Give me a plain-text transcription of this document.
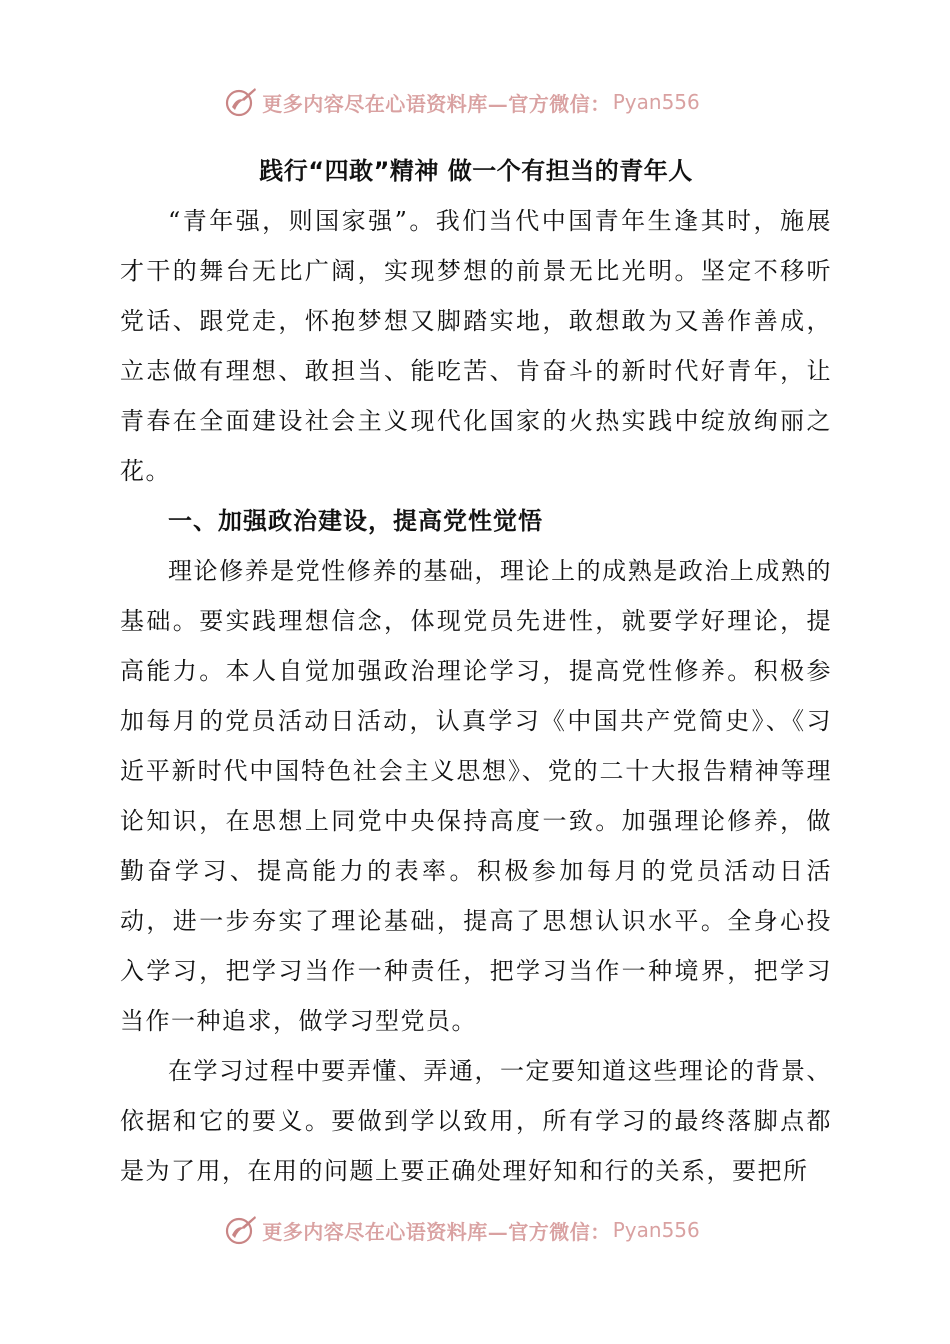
更多内容尽在心语资料库—官方微信： Pyan556
践行“四敢”精神 做一个有担当的青年人

“青年强，则国家强”。我们当代中国青年生逢其时，施展才干的舞台无比广阔，实现梦想的前景无比光明。坚定不移听党话、跟党走，怀抱梦想又脚踏实地，敢想敢为又善作善成，立志做有理想、敢担当、能吃苦、肯奋斗的新时代好青年，让青春在全面建设社会主义现代化国家的火热实践中绽放绚丽之花。

一、加强政治建设，提高党性觉悟

理论修养是党性修养的基础，理论上的成熟是政治上成熟的基础。要实践理想信念，体现党员先进性，就要学好理论，提高能力。本人自觉加强政治理论学习，提高党性修养。积极参加每月的党员活动日活动，认真学习《中国共产党简史》、《习近平新时代中国特色社会主义思想》、党的二十大报告精神等理论知识，在思想上同党中央保持高度一致。加强理论修养，做勤奋学习、提高能力的表率。积极参加每月的党员活动日活动，进一步夯实了理论基础，提高了思想认识水平。全身心投入学习，把学习当作一种责任，把学习当作一种境界，把学习当作一种追求，做学习型党员。

在学习过程中要弄懂、弄通，一定要知道这些理论的背景、依据和它的要义。要做到学以致用，所有学习的最终落脚点都是为了用，在用的问题上要正确处理好知和行的关系，要把所

更多内容尽在心语资料库—官方微信： Pyan556
